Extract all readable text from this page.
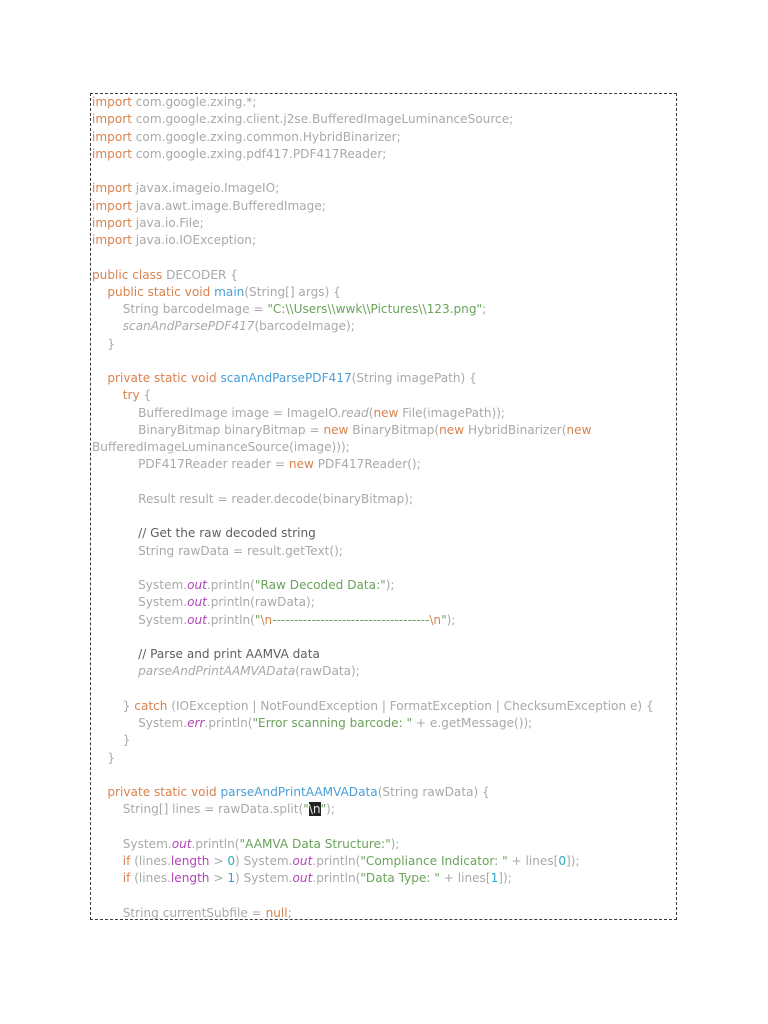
import com.google.zxing.*;
import com.google.zxing.client.j2se.BufferedImageLuminanceSource;
import com.google.zxing.common.HybridBinarizer;
import com.google.zxing.pdf417.PDF417Reader;

import javax.imageio.ImageIO;
import java.awt.image.BufferedImage;
import java.io.File;
import java.io.IOException;

public class DECODER {
public static void main(String[] args) {
String barcodeImage = "C:\\Users\\wwk\\Pictures\\123.png";
scanAndParsePDF417(barcodeImage);
}

private static void scanAndParsePDF417(String imagePath) {
try {
BufferedImage image = ImageIO.read(new File(imagePath));
BinaryBitmap binaryBitmap = new BinaryBitmap(new HybridBinarizer(new
BufferedImageLuminanceSource(image)));
PDF417Reader reader = new PDF417Reader();

Result result = reader.decode(binaryBitmap);

// Get the raw decoded string
String rawData = result.getText();

System.out.println("Raw Decoded Data:");
System.out.println(rawData);
System.out.println("\n------------------------------------\n");

// Parse and print AAMVA data
parseAndPrintAAMVAData(rawData);

} catch (IOException | NotFoundException | FormatException | ChecksumException e) {
System.err.println("Error scanning barcode: " + e.getMessage());
}
}

private static void parseAndPrintAAMVAData(String rawData) {
String[] lines = rawData.split("\n");

System.out.println("AAMVA Data Structure:");
if (lines.length > 0) System.out.println("Compliance Indicator: " + lines[0]);
if (lines.length > 1) System.out.println("Data Type: " + lines[1]);

String currentSubfile = null;
